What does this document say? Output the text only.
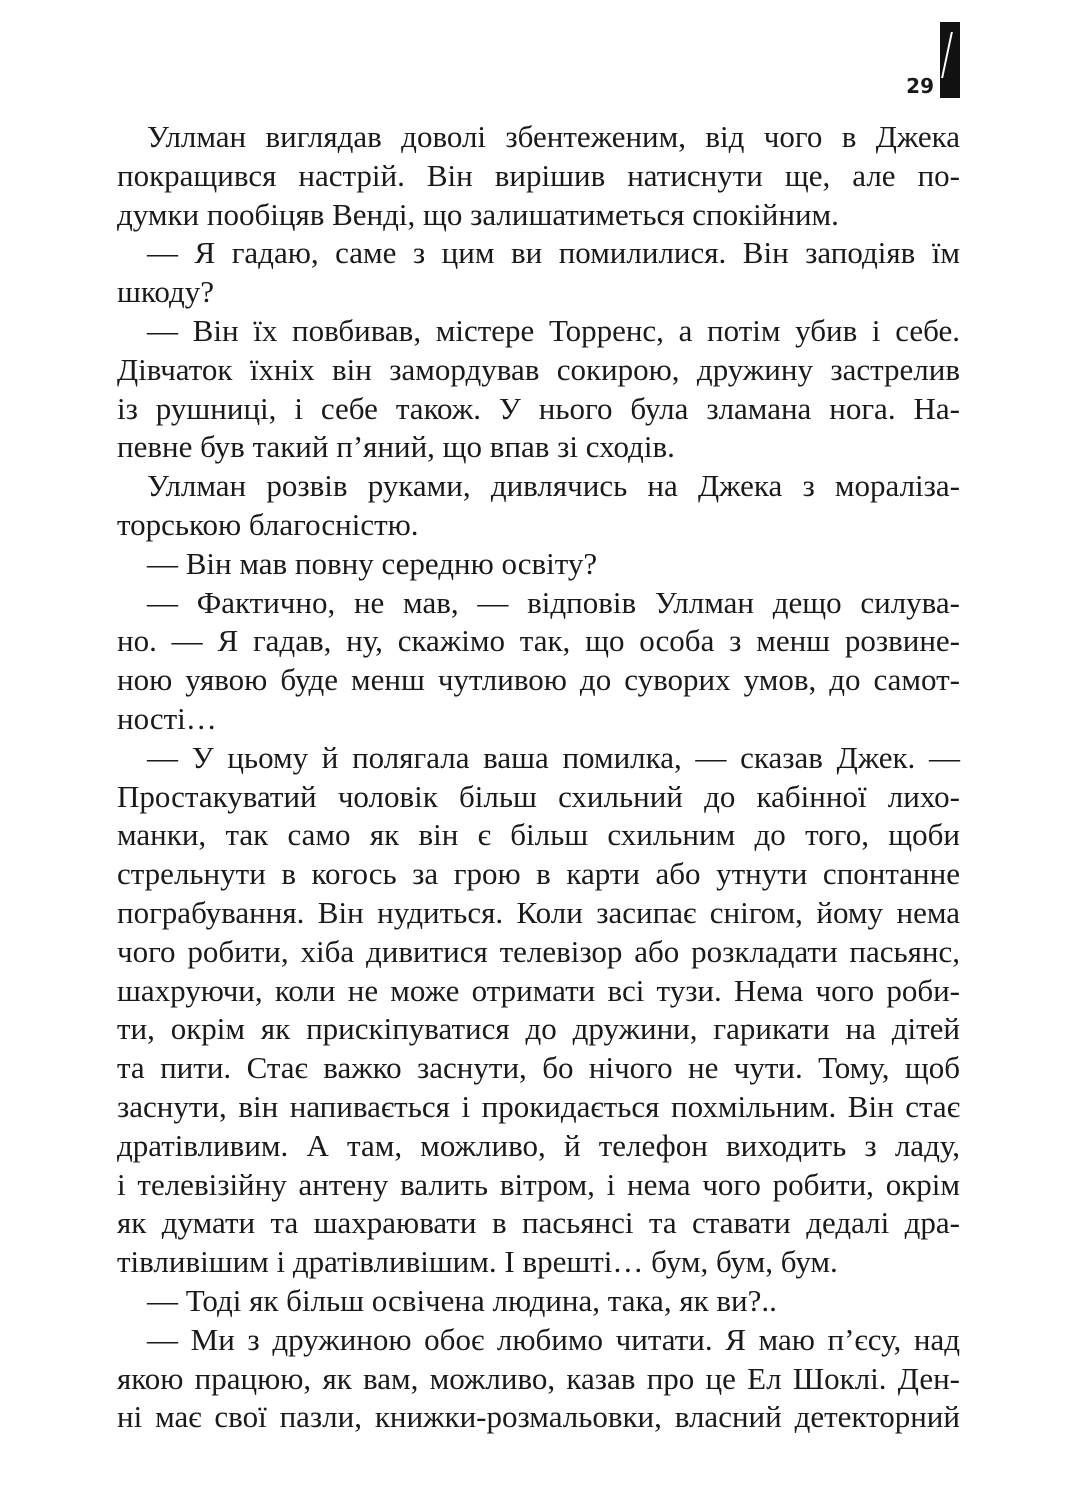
29
Уллман виглядав доволі збентеженим, від чого в Джека
покращився настрій. Він вирішив натиснути ще, але по-
думки пообіцяв Венді, що залишатиметься спокійним.
— Я гадаю, саме з цим ви помилилися. Він заподіяв їм
шкоду?
— Він їх повбивав, містере Торренс, а потім убив і себе.
Дівчаток їхніх він замордував сокирою, дружину застрелив
із рушниці, і себе також. У нього була зламана нога. На-
певне був такий п’яний, що впав зі сходів.
Уллман розвів руками, дивлячись на Джека з моралiза-
торською благосністю.
— Він мав повну середню освіту?
— Фактично, не мав, — відповів Уллман дещо силува-
но. — Я гадав, ну, скажімо так, що особа з менш розвине-
ною уявою буде менш чутливою до суворих умов, до самот-
ності…
— У цьому й полягала ваша помилка, — сказав Джек. —
Простакуватий чоловік більш схильний до кабінної лихо-
манки, так само як він є більш схильним до того, щоби
стрельнути в когось за грою в карти або утнути спонтанне
пограбування. Він нудиться. Коли засипає снігом, йому нема
чого робити, хіба дивитися телевізор або розкладати пасьянс,
шахруючи, коли не може отримати всі тузи. Нема чого роби-
ти, окрім як прискіпуватися до дружини, гарикати на дітей
та пити. Стає важко заснути, бо нічого не чути. Тому, щоб
заснути, він напивається і прокидається похмільним. Він стає
дратівливим. А там, можливо, й телефон виходить з ладу,
і телевізійну антену валить вітром, і нема чого робити, окрім
як думати та шахраювати в пасьянсі та ставати дедалі дра-
тівливішим і дратівливішим. І врешті… бум, бум, бум.
— Тоді як більш освічена людина, така, як ви?..
— Ми з дружиною обоє любимо читати. Я маю п’єсу, над
якою працюю, як вам, можливо, казав про це Ел Шоклі. Ден-
ні має свої пазли, книжки-розмальовки, власний детекторний
